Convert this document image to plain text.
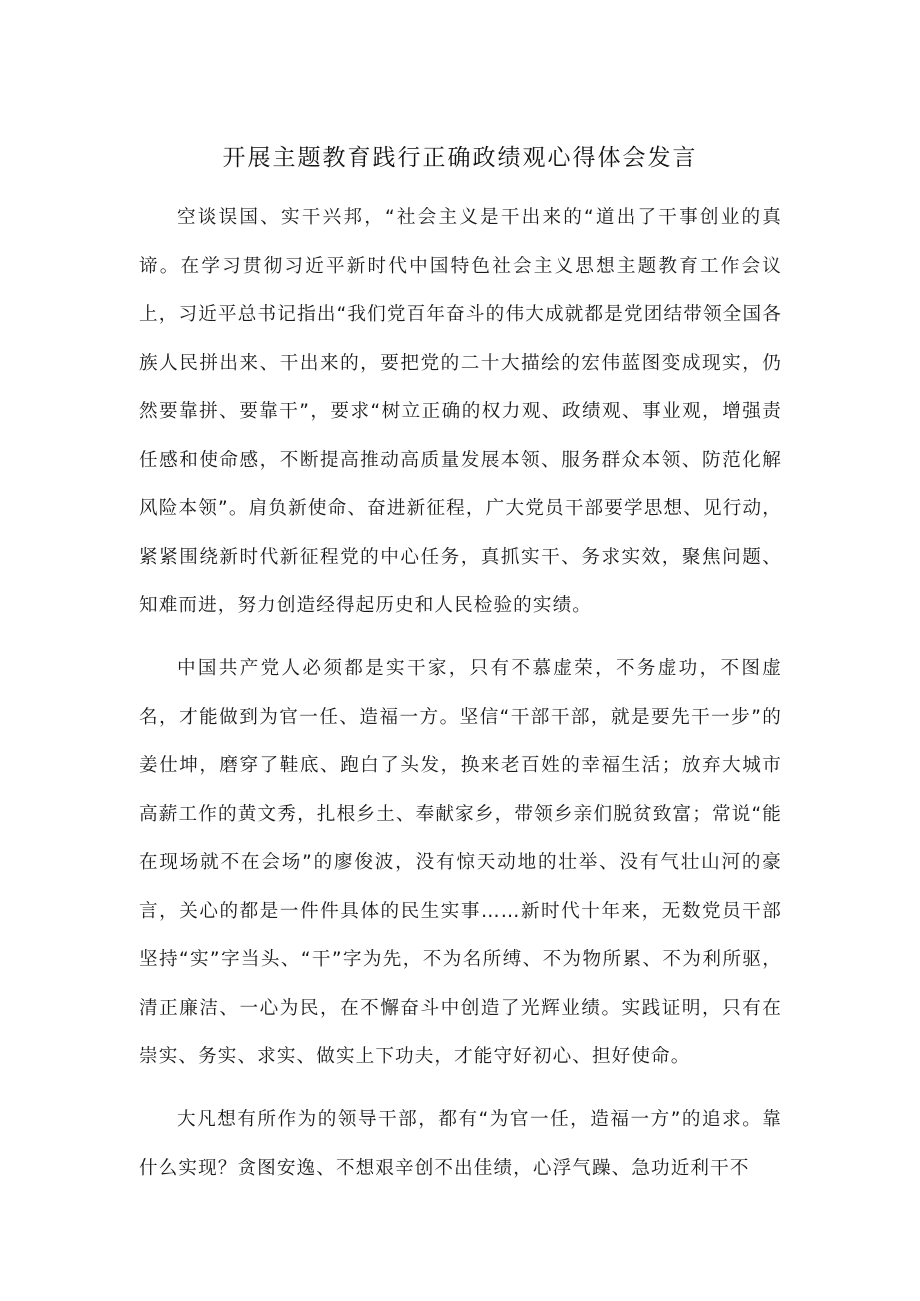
开展主题教育践行正确政绩观心得体会发言

空谈误国、实干兴邦，“社会主义是干出来的“道出了干事创业的真谛。在学习贯彻习近平新时代中国特色社会主义思想主题教育工作会议上，习近平总书记指出“我们党百年奋斗的伟大成就都是党团结带领全国各族人民拼出来、干出来的，要把党的二十大描绘的宏伟蓝图变成现实，仍然要靠拼、要靠干”，要求“树立正确的权力观、政绩观、事业观，增强责任感和使命感，不断提高推动高质量发展本领、服务群众本领、防范化解风险本领”。肩负新使命、奋进新征程，广大党员干部要学思想、见行动，紧紧围绕新时代新征程党的中心任务，真抓实干、务求实效，聚焦问题、知难而进，努力创造经得起历史和人民检验的实绩。

中国共产党人必须都是实干家，只有不慕虚荣，不务虚功，不图虚名，才能做到为官一任、造福一方。坚信“干部干部，就是要先干一步”的姜仕坤，磨穿了鞋底、跑白了头发，换来老百姓的幸福生活；放弃大城市高薪工作的黄文秀，扎根乡土、奉献家乡，带领乡亲们脱贫致富；常说“能在现场就不在会场”的廖俊波，没有惊天动地的壮举、没有气壮山河的豪言，关心的都是一件件具体的民生实事……新时代十年来，无数党员干部坚持“实”字当头、“干”字为先，不为名所缚、不为物所累、不为利所驱，清正廉洁、一心为民，在不懈奋斗中创造了光辉业绩。实践证明，只有在崇实、务实、求实、做实上下功夫，才能守好初心、担好使命。

大凡想有所作为的领导干部，都有“为官一任，造福一方”的追求。靠什么实现？贪图安逸、不想艰辛创不出佳绩，心浮气躁、急功近利干不
